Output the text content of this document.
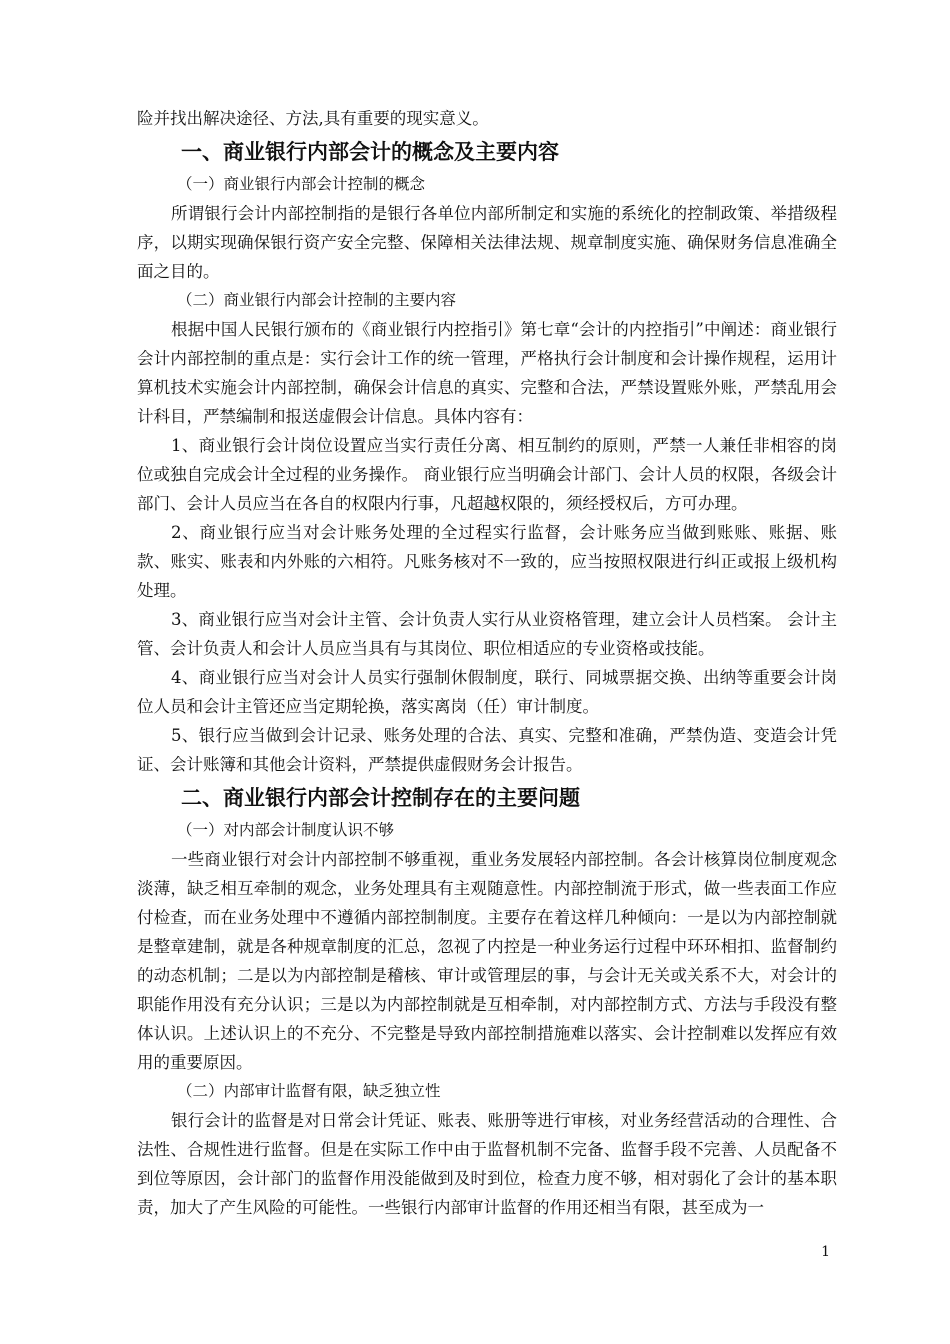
险并找出解决途径、方法,具有重要的现实意义。

一、商业银行内部会计的概念及主要内容

（一）商业银行内部会计控制的概念

所谓银行会计内部控制指的是银行各单位内部所制定和实施的系统化的控制政策、举措级程序，以期实现确保银行资产安全完整、保障相关法律法规、规章制度实施、确保财务信息准确全面之目的。

（二）商业银行内部会计控制的主要内容

根据中国人民银行颁布的《商业银行内控指引》第七章“会计的内控指引”中阐述：商业银行会计内部控制的重点是：实行会计工作的统一管理，严格执行会计制度和会计操作规程，运用计算机技术实施会计内部控制，确保会计信息的真实、完整和合法，严禁设置账外账，严禁乱用会计科目，严禁编制和报送虚假会计信息。具体内容有：

1、商业银行会计岗位设置应当实行责任分离、相互制约的原则，严禁一人兼任非相容的岗位或独自完成会计全过程的业务操作。 商业银行应当明确会计部门、会计人员的权限，各级会计部门、会计人员应当在各自的权限内行事，凡超越权限的，须经授权后，方可办理。

2、商业银行应当对会计账务处理的全过程实行监督，会计账务应当做到账账、账据、账款、账实、账表和内外账的六相符。凡账务核对不一致的，应当按照权限进行纠正或报上级机构处理。

3、商业银行应当对会计主管、会计负责人实行从业资格管理，建立会计人员档案。 会计主管、会计负责人和会计人员应当具有与其岗位、职位相适应的专业资格或技能。

4、商业银行应当对会计人员实行强制休假制度，联行、同城票据交换、出纳等重要会计岗位人员和会计主管还应当定期轮换，落实离岗（任）审计制度。

5、银行应当做到会计记录、账务处理的合法、真实、完整和准确，严禁伪造、变造会计凭证、会计账簿和其他会计资料，严禁提供虚假财务会计报告。

二、商业银行内部会计控制存在的主要问题

（一）对内部会计制度认识不够

一些商业银行对会计内部控制不够重视，重业务发展轻内部控制。各会计核算岗位制度观念淡薄，缺乏相互牵制的观念，业务处理具有主观随意性。内部控制流于形式，做一些表面工作应付检查，而在业务处理中不遵循内部控制制度。主要存在着这样几种倾向：一是以为内部控制就是整章建制，就是各种规章制度的汇总，忽视了内控是一种业务运行过程中环环相扣、监督制约的动态机制；二是以为内部控制是稽核、审计或管理层的事，与会计无关或关系不大，对会计的职能作用没有充分认识；三是以为内部控制就是互相牵制，对内部控制方式、方法与手段没有整体认识。上述认识上的不充分、不完整是导致内部控制措施难以落实、会计控制难以发挥应有效用的重要原因。

（二）内部审计监督有限，缺乏独立性

银行会计的监督是对日常会计凭证、账表、账册等进行审核，对业务经营活动的合理性、合法性、合规性进行监督。但是在实际工作中由于监督机制不完备、监督手段不完善、人员配备不到位等原因，会计部门的监督作用没能做到及时到位，检查力度不够，相对弱化了会计的基本职责，加大了产生风险的可能性。一些银行内部审计监督的作用还相当有限，甚至成为一

1
